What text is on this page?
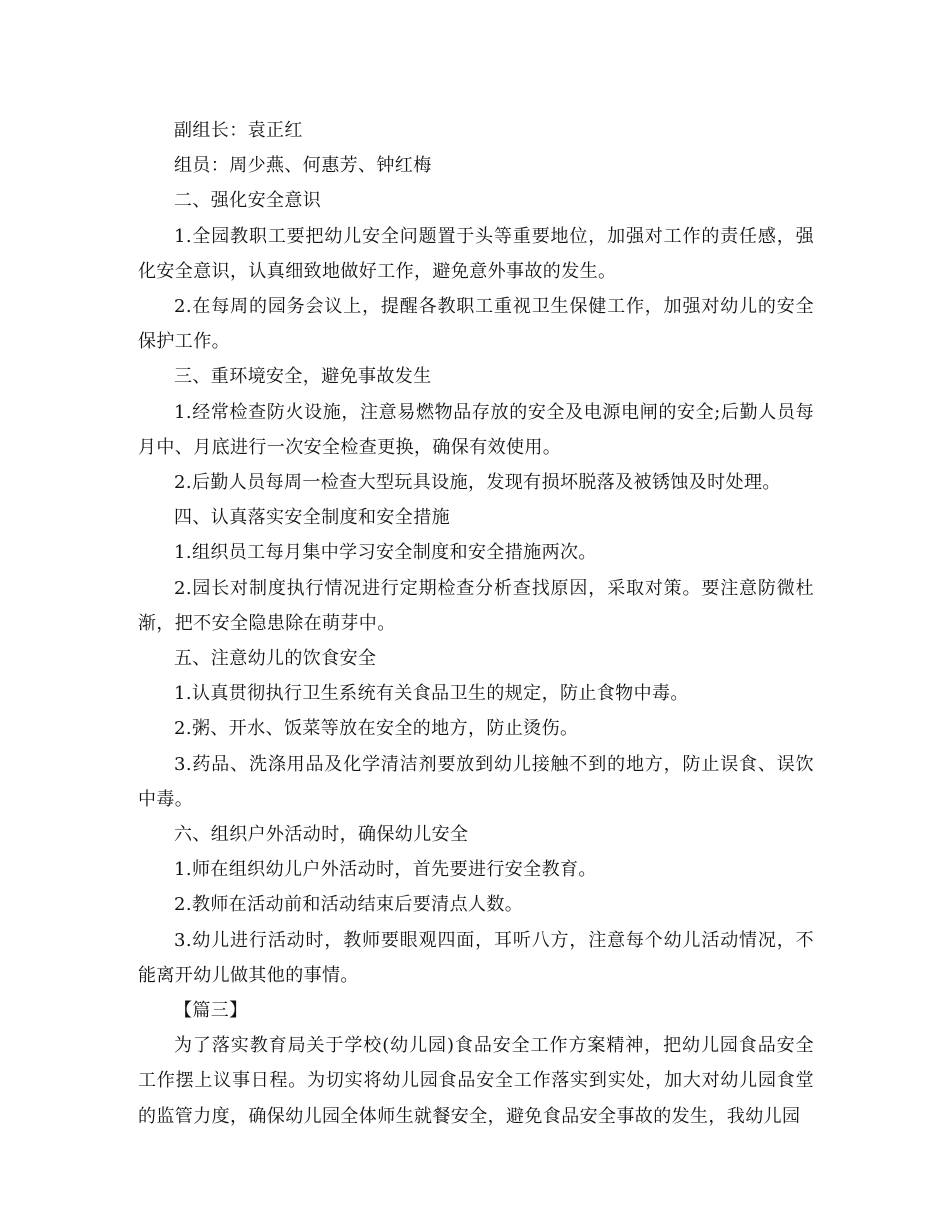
副组长：袁正红

组员：周少燕、何惠芳、钟红梅

二、强化安全意识

1.全园教职工要把幼儿安全问题置于头等重要地位，加强对工作的责任感，强化安全意识，认真细致地做好工作，避免意外事故的发生。

2.在每周的园务会议上，提醒各教职工重视卫生保健工作，加强对幼儿的安全保护工作。

三、重环境安全，避免事故发生

1.经常检查防火设施，注意易燃物品存放的安全及电源电闸的安全;后勤人员每月中、月底进行一次安全检查更换，确保有效使用。

2.后勤人员每周一检查大型玩具设施，发现有损坏脱落及被锈蚀及时处理。

四、认真落实安全制度和安全措施

1.组织员工每月集中学习安全制度和安全措施两次。

2.园长对制度执行情况进行定期检查分析查找原因，采取对策。要注意防微杜渐，把不安全隐患除在萌芽中。

五、注意幼儿的饮食安全

1.认真贯彻执行卫生系统有关食品卫生的规定，防止食物中毒。

2.粥、开水、饭菜等放在安全的地方，防止烫伤。

3.药品、洗涤用品及化学清洁剂要放到幼儿接触不到的地方，防止误食、误饮中毒。

六、组织户外活动时，确保幼儿安全

1.师在组织幼儿户外活动时，首先要进行安全教育。

2.教师在活动前和活动结束后要清点人数。

3.幼儿进行活动时，教师要眼观四面，耳听八方，注意每个幼儿活动情况，不能离开幼儿做其他的事情。

【篇三】

为了落实教育局关于学校(幼儿园)食品安全工作方案精神，把幼儿园食品安全工作摆上议事日程。为切实将幼儿园食品安全工作落实到实处，加大对幼儿园食堂的监管力度，确保幼儿园全体师生就餐安全，避免食品安全事故的发生，我幼儿园
